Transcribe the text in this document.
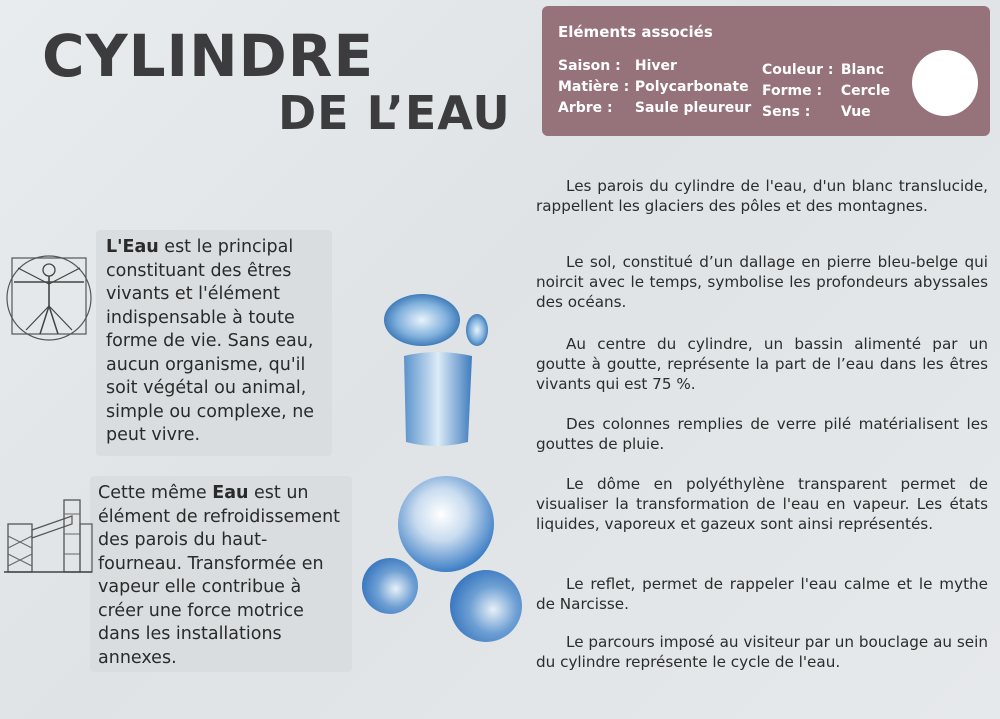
CYLINDRE
DE L’EAU
Eléments associés
Saison : Hiver
Matière : Polycarbonate
Arbre : Saule pleureur
Couleur : Blanc
Forme : Cercle
Sens : Vue
L'Eau est le principal constituant des êtres vivants et l'élément indispensable à toute forme de vie. Sans eau, aucun organisme, qu'il soit végétal ou animal, simple ou complexe, ne peut vivre.
Cette même Eau est un élément de refroidissement des parois du haut-fourneau. Transformée en vapeur elle contribue à créer une force motrice dans les installations annexes.
Les parois du cylindre de l'eau, d'un blanc translucide, rappellent les glaciers des pôles et des montagnes.
Le sol, constitué d’un dallage en pierre bleu-belge qui noircit avec le temps, symbolise les profondeurs abyssales des océans.
Au centre du cylindre, un bassin alimenté par un goutte à goutte, représente la part de l’eau dans les êtres vivants qui est 75 %.
Des colonnes remplies de verre pilé matérialisent les gouttes de pluie.
Le dôme en polyéthylène transparent permet de visualiser la transformation de l'eau en vapeur. Les états liquides, vaporeux et gazeux sont ainsi représentés.
Le reflet, permet de rappeler l'eau calme et le mythe de Narcisse.
Le parcours imposé au visiteur par un bouclage au sein du cylindre représente le cycle de l'eau.
